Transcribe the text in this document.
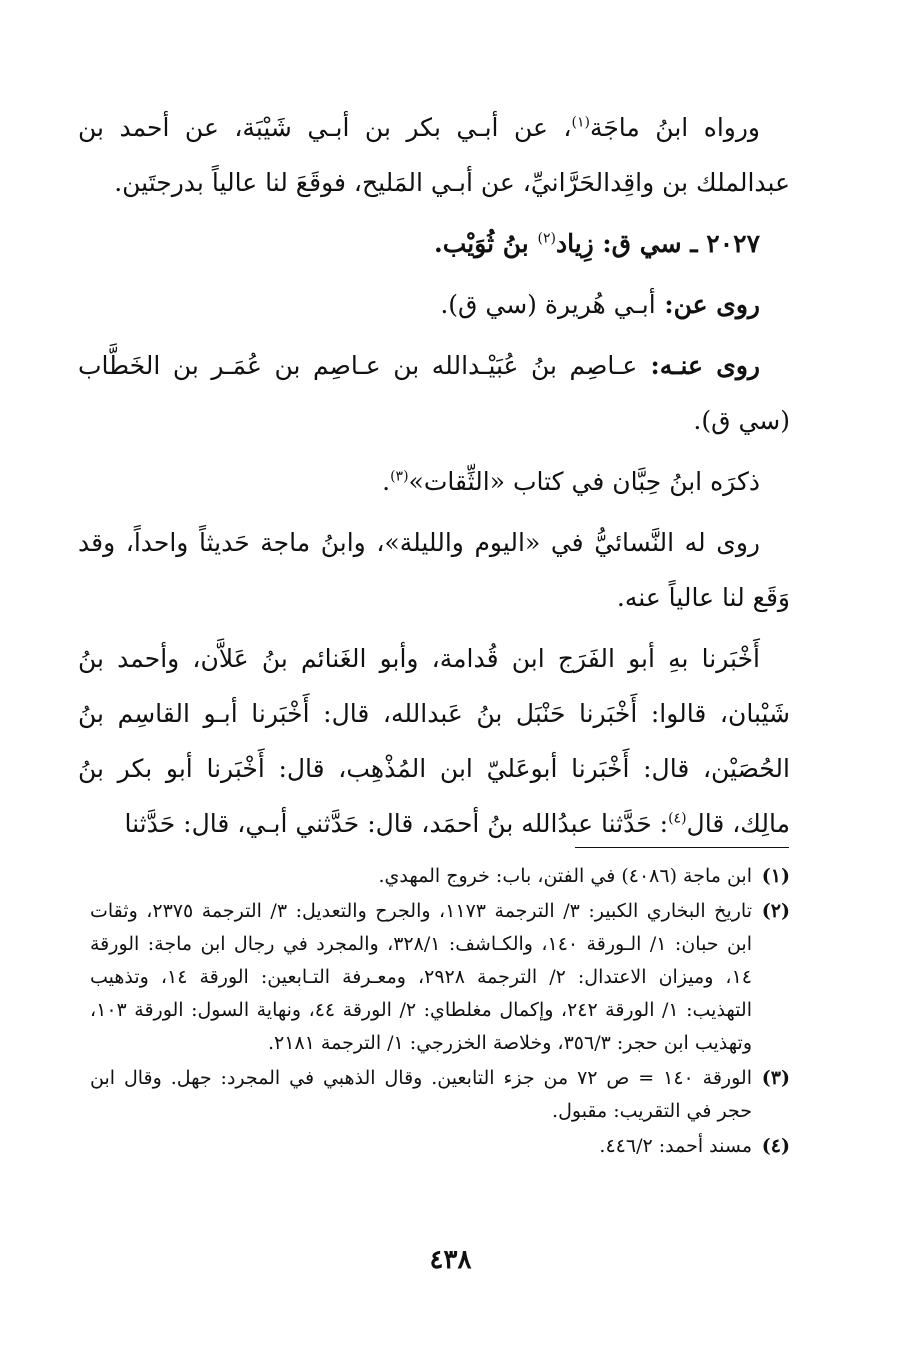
ورواه ابنُ ماجَة$^{(١)}$، عن أبـي بكر بن أبـي شَيْبَة، عن أحمد بن عبدالملك بن واقِدالحَرَّانيِّ، عن أبـي المَليح، فوقَعَ لنا عالياً بدرجتَين.

٢٠٢٧ ـ سي ق: زِياد$^{(٢)}$ بنُ ثُوَيْب.

روى عن: أبـي هُريرة (سي ق).

روى عنـه: عـاصِم بنُ عُبَيْـدالله بن عـاصِم بن عُمَـر بن الخَطَّاب (سي ق).

ذكرَه ابنُ حِبَّان في كتاب «الثِّقات»$^{(٣)}$.

روى له النَّسائيُّ في «اليوم والليلة»، وابنُ ماجة حَديثاً واحداً، وقد وَقَع لنا عالياً عنه.

أَخْبَرنا بهِ أبو الفَرَج ابن قُدامة، وأبو الغَنائم بنُ عَلاَّن، وأحمد بنُ شَيْبان، قالوا: أَخْبَرنا حَنْبَل بنُ عَبدالله، قال: أَخْبَرنا أبـو القاسِم بنُ الحُصَيْن، قال: أَخْبَرنا أبوعَليّ ابن المُذْهِب، قال: أَخْبَرنا أبو بكر بنُ مالِك، قال$^{(٤)}$: حَدَّثنا عبدُالله بنُ أحمَد، قال: حَدَّثني أبـي، قال: حَدَّثنا

(١)
ابن ماجة (٤٠٨٦) في الفتن، باب: خروج المهدي.
(٢)
تاريخ البخاري الكبير: ٣/ الترجمة ١١٧٣، والجرح والتعديل: ٣/ الترجمة ٢٣٧٥، وثقات ابن حبان: ١/ الـورقة ١٤٠، والكـاشف: ٣٢٨/١، والمجرد في رجال ابن ماجة: الورقة ١٤، وميزان الاعتدال: ٢/ الترجمة ٢٩٢٨، ومعـرفة التـابعين: الورقة ١٤، وتذهيب التهذيب: ١/ الورقة ٢٤٢، وإكمال مغلطاي: ٢/ الورقة ٤٤، ونهاية السول: الورقة ١٠٣، وتهذيب ابن حجر: ٣٥٦/٣، وخلاصة الخزرجي: ١/ الترجمة ٢١٨١.
(٣)
الورقة ١٤٠ = ص ٧٢ من جزء التابعين. وقال الذهبي في المجرد: جهل. وقال ابن حجر في التقريب: مقبول.
(٤)
مسند أحمد: ٤٤٦/٢.
٤٣٨
